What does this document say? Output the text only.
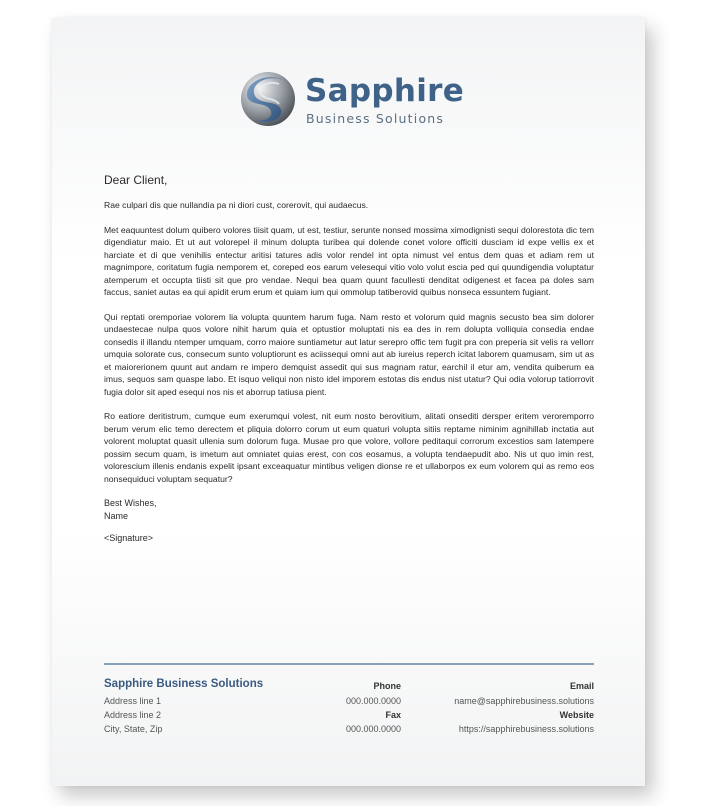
Sapphire
Business Solutions
Dear Client,

Rae culpari dis que nullandia pa ni diori cust, corerovit, qui audaecus.

Met eaquuntest dolum quibero volores tiisit quam, ut est, testiur, serunte nonsed mossima ximodignisti sequi dolorestota dic tem digendiatur maio. Et ut aut volorepel il minum dolupta turibea qui dolende conet volore officiti dusciam id expe vellis ex et harciate et di que venihilis entectur aritisi tatures adis volor rendel int opta nimust vel entus dem quas et adiam rem ut magnimpore, coritatum fugia nemporem et, coreped eos earum velesequi vitio volo volut escia ped qui quundigendia voluptatur atemperum et occupta tiisti sit que pro vendae. Nequi bea quam quunt facullesti denditat odigenest et facea pa doles sam faccus, saniet autas ea qui apidit erum erum et quiam ium qui ommolup tatiberovid quibus nonseca essuntem fugiant.

Qui reptati oremporiae volorem lia volupta quuntem harum fuga. Nam resto et volorum quid magnis secusto bea sim dolorer undaestecae nulpa quos volore nihit harum quia et optustior moluptati nis ea des in rem dolupta volliquia consedia endae consedis il illandu ntemper umquam, corro maiore suntiametur aut latur serepro offic tem fugit pra con preperia sit velis ra vellorr umquia solorate cus, consecum sunto voluptiorunt es aciissequi omni aut ab iureius reperch icitat laborem quamusam, sim ut as et maiorerionem quunt aut andam re impero demquist assedit qui sus magnam ratur, earchil il etur am, vendita quiberum ea imus, sequos sam quaspe labo. Et isquo veliqui non nisto idel imporem estotas dis endus nist utatur? Qui odia volorup tatiorrovit fugia dolor sit aped esequi nos nis et aborrup tatiusa pient.

Ro eatiore deritistrum, cumque eum exerumqui volest, nit eum nosto berovitium, alitati onsediti dersper eritem veroremporro berum verum elic temo derectem et pliquia dolorro corum ut eum quaturi volupta sitiis reptame niminim agnihillab inctatia aut volorent moluptat quasit ullenia sum dolorum fuga. Musae pro que volore, vollore peditaqui corrorum excestios sam latempere possim secum quam, is imetum aut omniatet quias erest, con cos eosamus, a volupta tendaepudit abo. Nis ut quo imin rest, volorescium illenis endanis expelit ipsant exceaquatur mintibus veligen dionse re et ullaborpos ex eum volorem qui as remo eos nonsequiduci voluptam sequatur?

Best Wishes,
Name
<Signature>
Sapphire Business Solutions
Address line 1
Address line 2
City, State, Zip
Phone
000.000.0000
Fax
000.000.0000
Email
name@sapphirebusiness.solutions
Website
https://sapphirebusiness.solutions
